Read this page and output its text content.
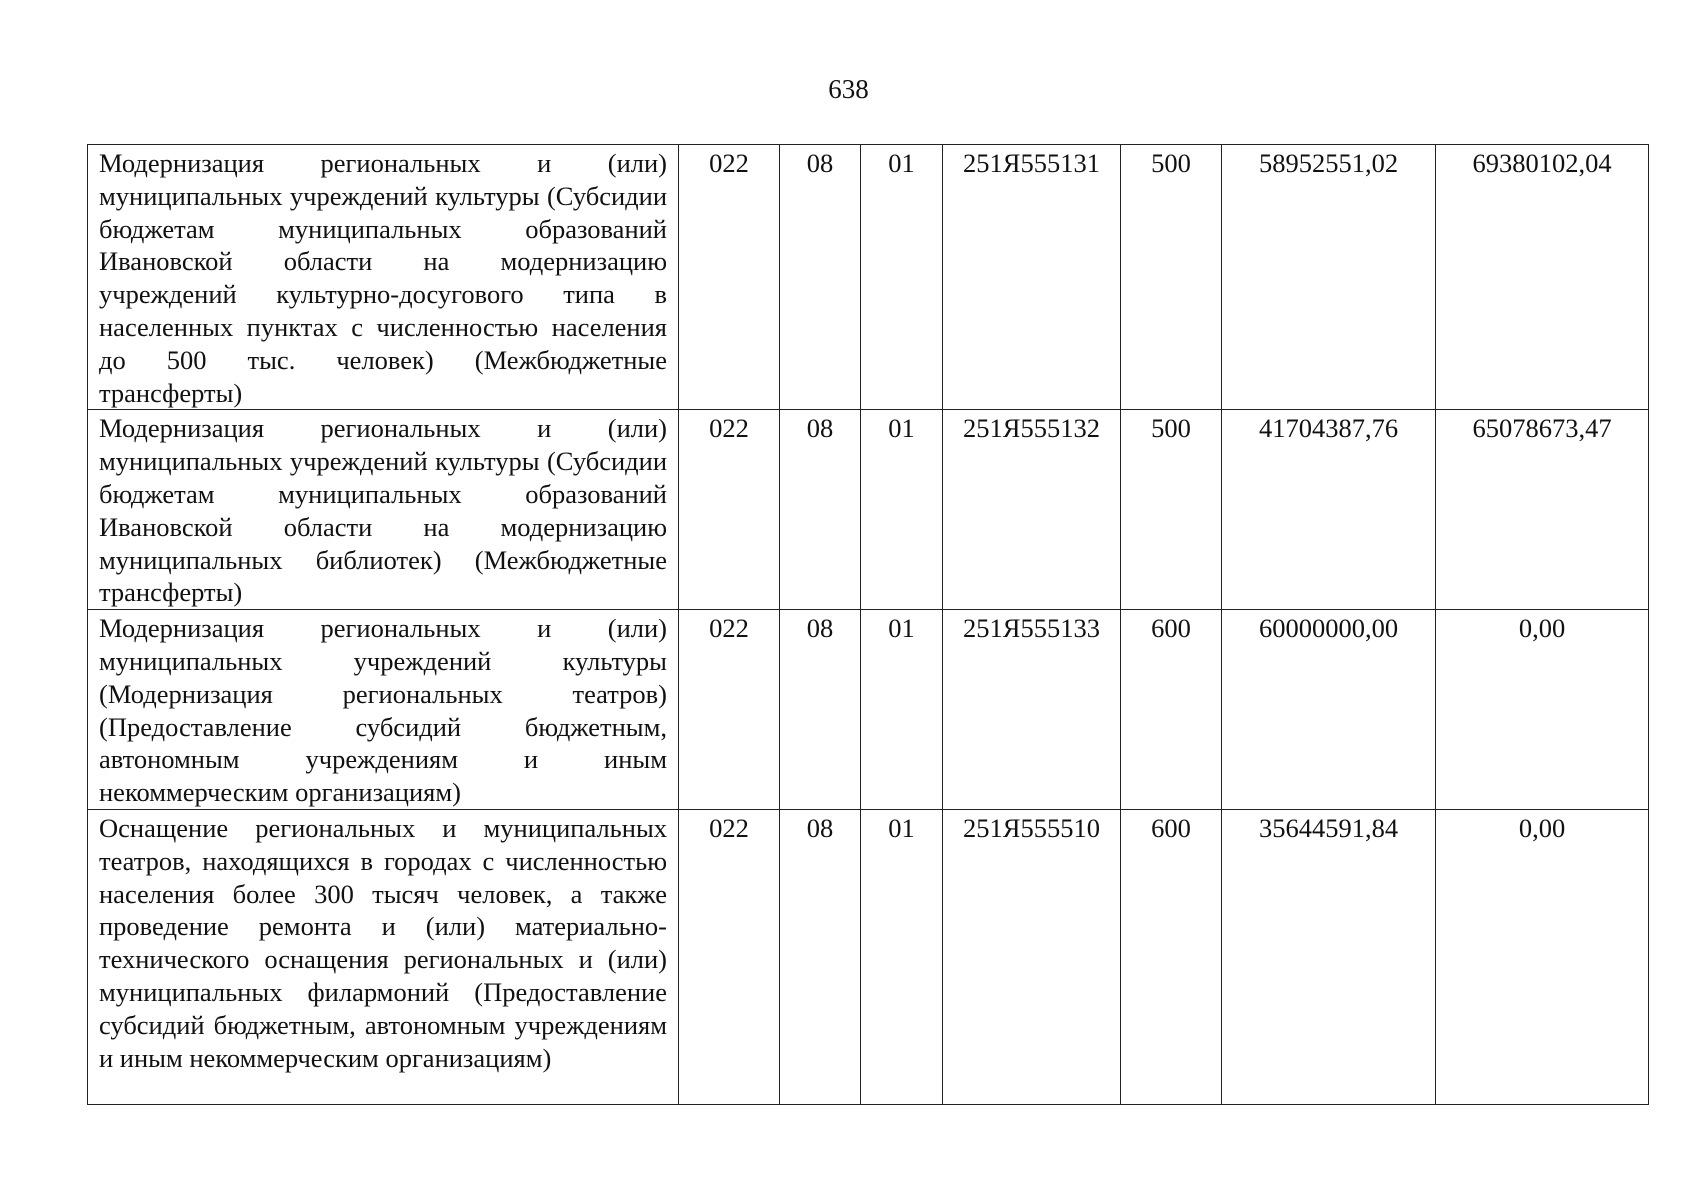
638
Модернизация региональных и (или) муниципальных учреждений культуры (Субсидии бюджетам муниципальных образований Ивановской области на модернизацию учреждений культурно-досугового типа в населенных пунктах с численностью населения до 500 тыс. человек) (Межбюджетные трансферты)	022	08	01	251Я555131	500	58952551,02	69380102,04
Модернизация региональных и (или) муниципальных учреждений культуры (Субсидии бюджетам муниципальных образований Ивановской области на модернизацию муниципальных библиотек) (Межбюджетные трансферты)	022	08	01	251Я555132	500	41704387,76	65078673,47
Модернизация региональных и (или) муниципальных учреждений культуры (Модернизация региональных театров) (Предоставление субсидий бюджетным, автономным учреждениям и иным некоммерческим организациям)	022	08	01	251Я555133	600	60000000,00	0,00
Оснащение региональных и муниципальных театров, находящихся в городах с численностью населения более 300 тысяч человек, а также проведение ремонта и (или) материально-технического оснащения региональных и (или) муниципальных филармоний (Предоставление субсидий бюджетным, автономным учреждениям и иным некоммерческим организациям)	022	08	01	251Я555510	600	35644591,84	0,00
